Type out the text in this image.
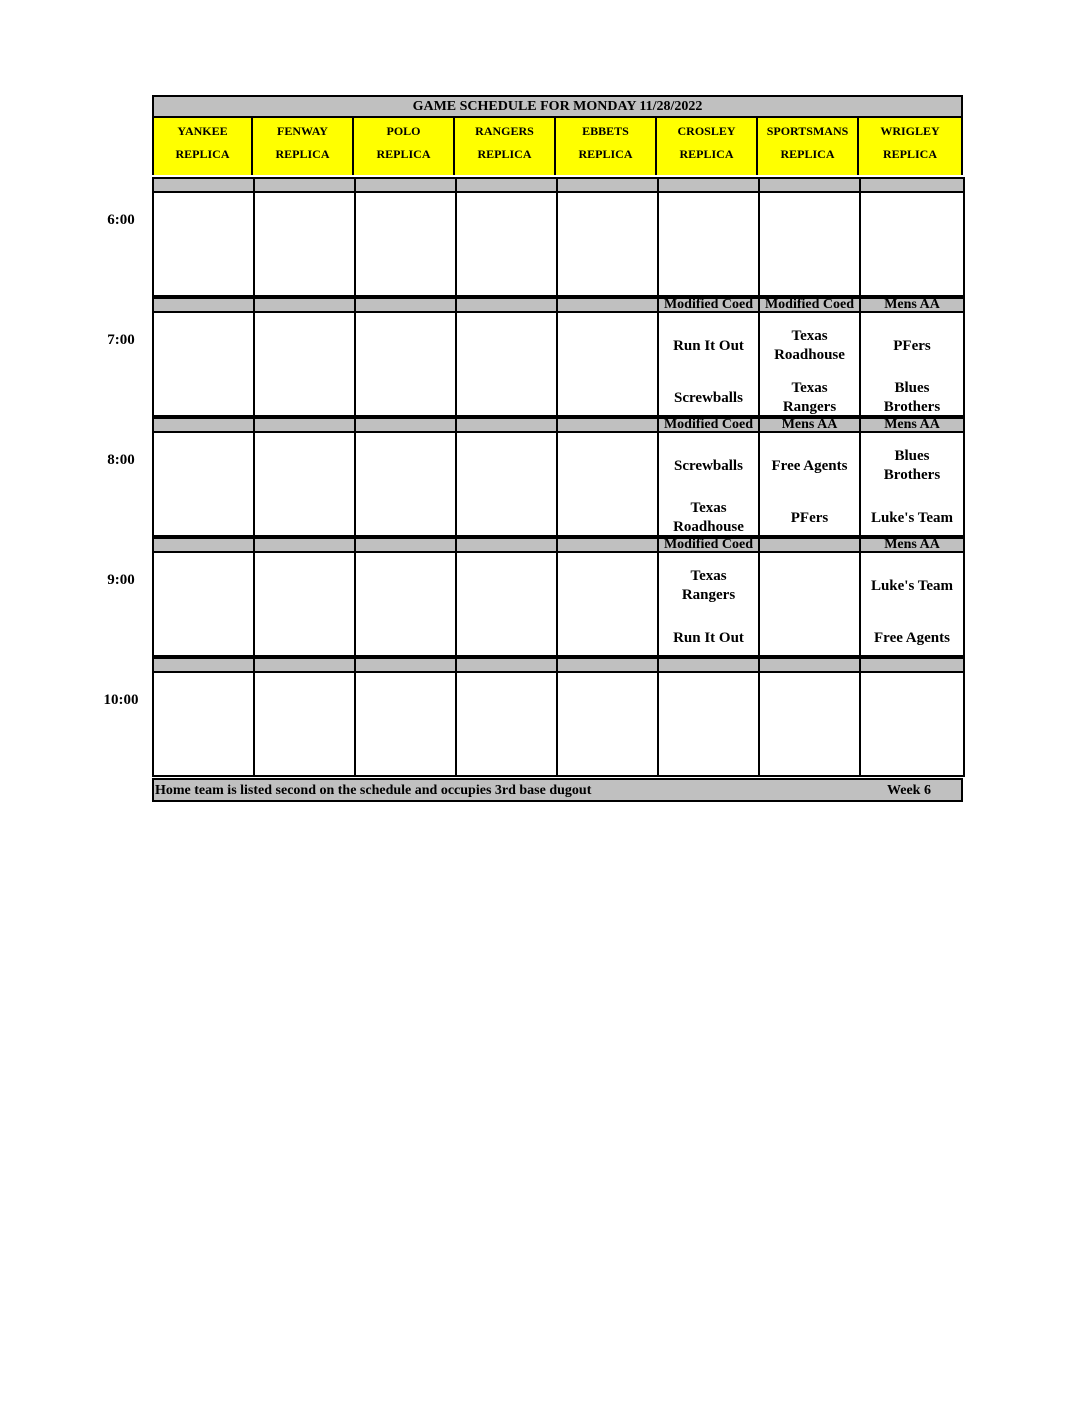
GAME SCHEDULE FOR MONDAY 11/28/2022
YANKEE
REPLICA
FENWAY
REPLICA
POLO
REPLICA
RANGERS
REPLICA
EBBETS
REPLICA
CROSLEY
REPLICA
SPORTSMANS
REPLICA
WRIGLEY
REPLICA
Modified Coed
Run It Out
Screwballs
Modified Coed
Texas
Roadhouse
Texas
Rangers
Mens AA
PFers
Blues
Brothers
Modified Coed
Screwballs
Texas
Roadhouse
Mens AA
Free Agents
PFers
Mens AA
Blues
Brothers
Luke's Team
Modified Coed
Texas
Rangers
Run It Out
Mens AA
Luke's Team
Free Agents
Home team is listed second on the schedule and occupies 3rd base dugout	Week 6
6:00
7:00
8:00
9:00
10:00
